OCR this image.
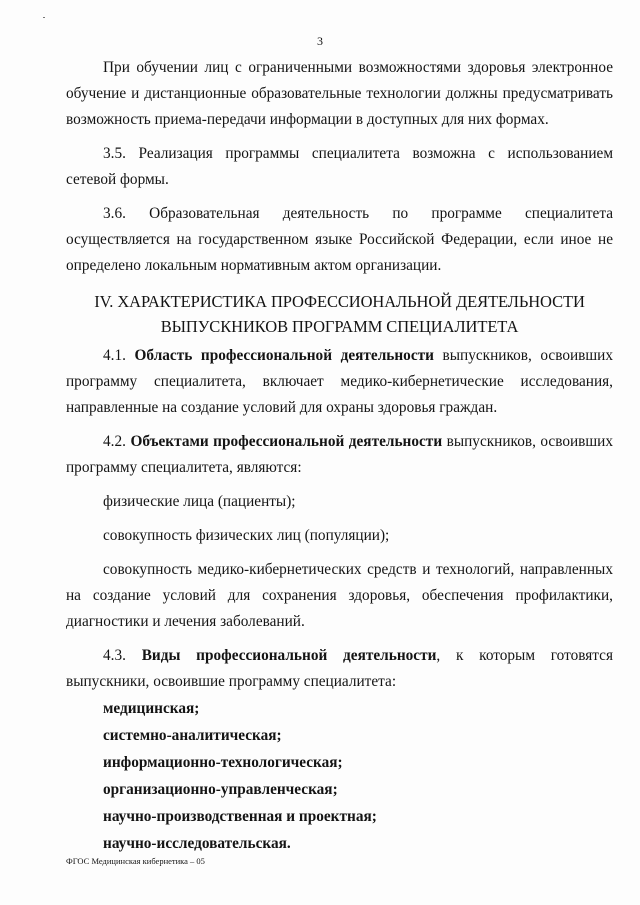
3

При обучении лиц с ограниченными возможностями здоровья электронное обучение и дистанционные образовательные технологии должны предусматривать возможность приема-передачи информации в доступных для них формах.

3.5. Реализация программы специалитета возможна с использованием сетевой формы.

3.6. Образовательная деятельность по программе специалитета осуществляется на государственном языке Российской Федерации, если иное не определено локальным нормативным актом организации.

IV. ХАРАКТЕРИСТИКА ПРОФЕССИОНАЛЬНОЙ ДЕЯТЕЛЬНОСТИ
ВЫПУСКНИКОВ ПРОГРАММ СПЕЦИАЛИТЕТА

4.1. Область профессиональной деятельности выпускников, освоивших программу специалитета, включает медико-кибернетические исследования, направленные на создание условий для охраны здоровья граждан.

4.2. Объектами профессиональной деятельности выпускников, освоивших программу специалитета, являются:

физические лица (пациенты);

совокупность физических лиц (популяции);

совокупность медико-кибернетических средств и технологий, направленных на создание условий для сохранения здоровья, обеспечения профилактики, диагностики и лечения заболеваний.

4.3. Виды профессиональной деятельности, к которым готовятся выпускники, освоившие программу специалитета:

медицинская;
системно-аналитическая;
информационно-технологическая;
организационно-управленческая;
научно-производственная и проектная;
научно-исследовательская.
ФГОС Медицинская кибернетика – 05
